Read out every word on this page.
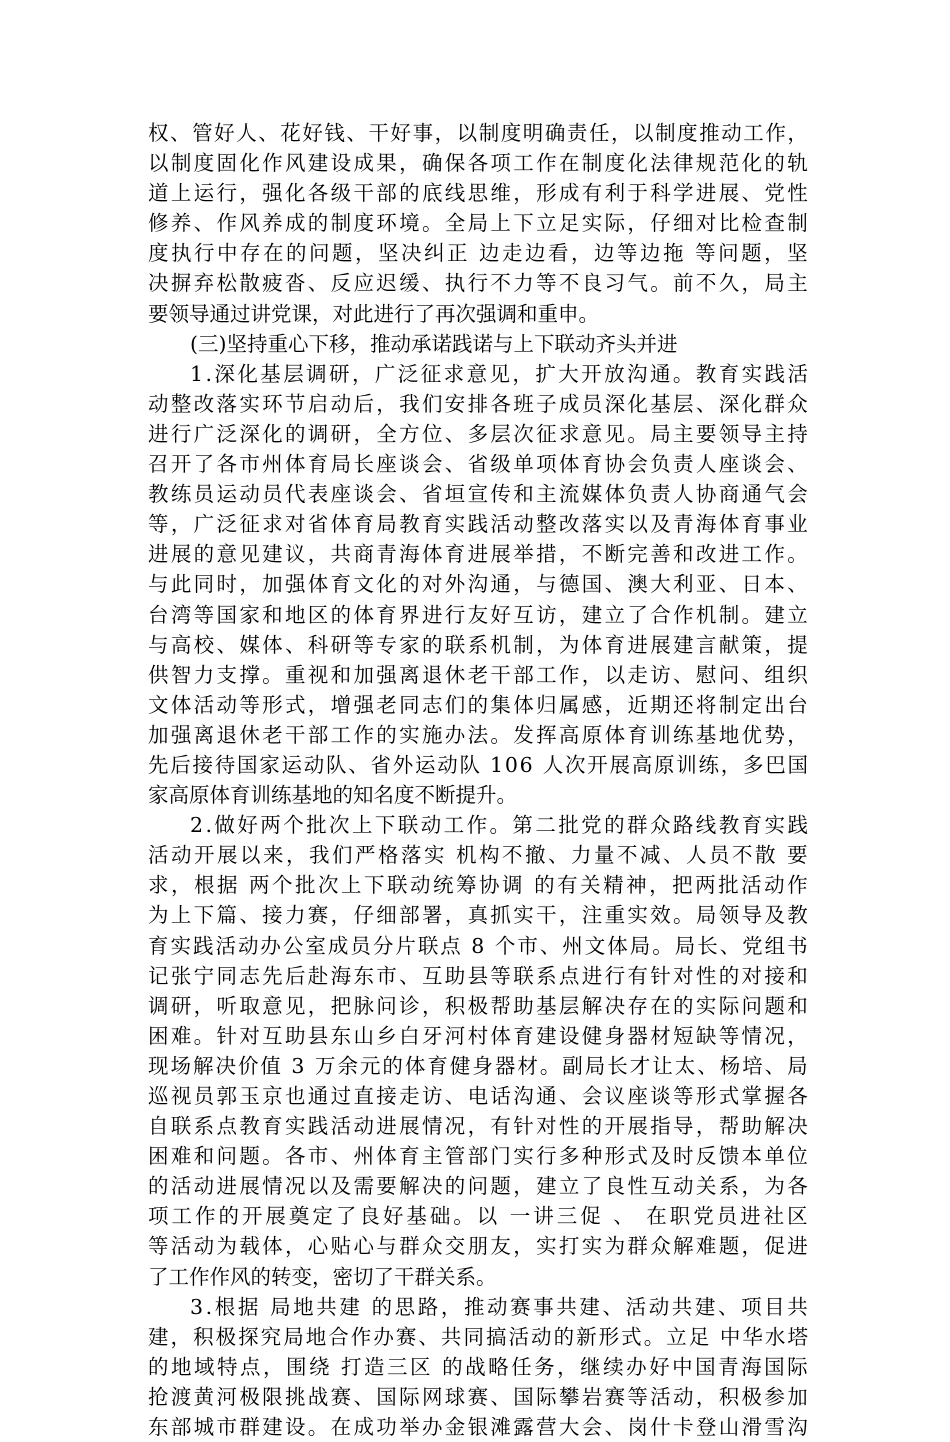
权 、 管 好 人 、 花 好 钱 、 干 好 事 ， 以 制 度 明 确 责 任 ， 以 制 度 推 动 工 作 ，
以 制 度 固 化 作 风 建 设 成 果 ， 确 保 各 项 工 作 在 制 度 化 法 律 规 范 化 的 轨
道 上 运 行 ， 强 化 各 级 干 部 的 底 线 思 维 ， 形 成 有 利 于 科 学 进 展 、 党 性
修 养 、 作 风 养 成 的 制 度 环 境 。 全 局 上 下 立 足 实 际 ， 仔 细 对 比 检 查 制
度 执 行 中 存 在 的 问 题 ， 坚 决 纠 正
边 走 边 看 ， 边 等 边 拖
等 问 题 ， 坚
决 摒 弃 松 散 疲 沓 、 反 应 迟 缓 、 执 行 不 力 等 不 良 习 气 。 前 不 久 ， 局 主
要领导通过讲党课，对此进行了再次强调和重申。
(三)坚持重心下移，推动承诺践诺与上下联动齐头并进
1 . 深 化 基 层 调 研 ， 广 泛 征 求 意 见 ， 扩 大 开 放 沟 通 。 教 育 实 践 活
动 整 改 落 实 环 节 启 动 后 ， 我 们 安 排 各 班 子 成 员 深 化 基 层 、 深 化 群 众
进 行 广 泛 深 化 的 调 研 ， 全 方 位 、 多 层 次 征 求 意 见 。 局 主 要 领 导 主 持
召 开 了 各 市 州 体 育 局 长 座 谈 会 、 省 级 单 项 体 育 协 会 负 责 人 座 谈 会 、
教 练 员 运 动 员 代 表 座 谈 会 、 省 垣 宣 传 和 主 流 媒 体 负 责 人 协 商 通 气 会
等 ， 广 泛 征 求 对 省 体 育 局 教 育 实 践 活 动 整 改 落 实 以 及 青 海 体 育 事 业
进 展 的 意 见 建 议 ， 共 商 青 海 体 育 进 展 举 措 ， 不 断 完 善 和 改 进 工 作 。
与 此 同 时 ， 加 强 体 育 文 化 的 对 外 沟 通 ， 与 德 国 、 澳 大 利 亚 、 日 本 、
台 湾 等 国 家 和 地 区 的 体 育 界 进 行 友 好 互 访 ， 建 立 了 合 作 机 制 。 建 立
与 高 校 、 媒 体 、 科 研 等 专 家 的 联 系 机 制 ， 为 体 育 进 展 建 言 献 策 ， 提
供 智 力 支 撑 。 重 视 和 加 强 离 退 休 老 干 部 工 作 ， 以 走 访 、 慰 问 、 组 织
文 体 活 动 等 形 式 ， 增 强 老 同 志 们 的 集 体 归 属 感 ， 近 期 还 将 制 定 出 台
加 强 离 退 休 老 干 部 工 作 的 实 施 办 法 。 发 挥 高 原 体 育 训 练 基 地 优 势 ，
先 后 接 待 国 家 运 动 队 、 省 外 运 动 队
1 0 6
人 次 开 展 高 原 训 练 ， 多 巴 国
家高原体育训练基地的知名度不断提升。
2 . 做 好 两 个 批 次 上 下 联 动 工 作 。 第 二 批 党 的 群 众 路 线 教 育 实 践
活 动 开 展 以 来 ， 我 们 严 格 落 实
机 构 不 撤 、 力 量 不 减 、 人 员 不 散
要
求 ， 根 据
两 个 批 次 上 下 联 动 统 筹 协 调
的 有 关 精 神 ， 把 两 批 活 动 作
为 上 下 篇 、 接 力 赛 ， 仔 细 部 署 ， 真 抓 实 干 ， 注 重 实 效 。 局 领 导 及 教
育 实 践 活 动 办 公 室 成 员 分 片 联 点
8
个 市 、 州 文 体 局 。 局 长 、 党 组 书
记 张 宁 同 志 先 后 赴 海 东 市 、 互 助 县 等 联 系 点 进 行 有 针 对 性 的 对 接 和
调 研 ， 听 取 意 见 ， 把 脉 问 诊 ， 积 极 帮 助 基 层 解 决 存 在 的 实 际 问 题 和
困 难 。 针 对 互 助 县 东 山 乡 白 牙 河 村 体 育 建 设 健 身 器 材 短 缺 等 情 况 ，
现 场 解 决 价 值
3
万 余 元 的 体 育 健 身 器 材 。 副 局 长 才 让 太 、 杨 培 、 局
巡 视 员 郭 玉 京 也 通 过 直 接 走 访 、 电 话 沟 通 、 会 议 座 谈 等 形 式 掌 握 各
自 联 系 点 教 育 实 践 活 动 进 展 情 况 ， 有 针 对 性 的 开 展 指 导 ， 帮 助 解 决
困 难 和 问 题 。 各 市 、 州 体 育 主 管 部 门 实 行 多 种 形 式 及 时 反 馈 本 单 位
的 活 动 进 展 情 况 以 及 需 要 解 决 的 问 题 ， 建 立 了 良 性 互 动 关 系 ， 为 各
项 工 作 的 开 展 奠 定 了 良 好 基 础 。 以
一 讲 三 促
、
在 职 党 员 进 社 区
等 活 动 为 载 体 ， 心 贴 心 与 群 众 交 朋 友 ， 实 打 实 为 群 众 解 难 题 ， 促 进
了工作作风的转变，密切了干群关系。
3 . 根 据
局 地 共 建
的 思 路 ， 推 动 赛 事 共 建 、 活 动 共 建 、 项 目 共
建 ， 积 极 探 究 局 地 合 作 办 赛 、 共 同 搞 活 动 的 新 形 式 。 立 足
中 华 水 塔
的 地 域 特 点 ， 围 绕
打 造 三 区
的 战 略 任 务 ， 继 续 办 好 中 国 青 海 国 际
抢 渡 黄 河 极 限 挑 战 赛 、 国 际 网 球 赛 、 国 际 攀 岩 赛 等 活 动 ， 积 极 参 加
东 部 城 市 群 建 设 。 在 成 功 举 办 金 银 滩 露 营 大 会 、 岗 什 卡 登 山 滑 雪 沟
